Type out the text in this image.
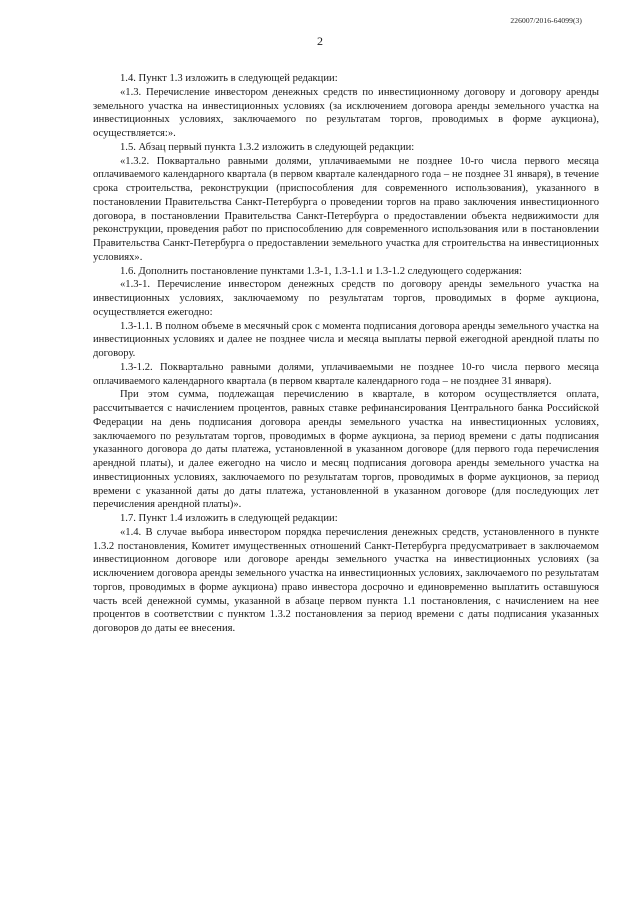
226007/2016-64099(3)
2

1.4. Пункт 1.3 изложить в следующей редакции:

«1.3. Перечисление инвестором денежных средств по инвестиционному договору и договору аренды земельного участка на инвестиционных условиях (за исключением договора аренды земельного участка на инвестиционных условиях, заключаемого по результатам торгов, проводимых в форме аукциона), осуществляется:».

1.5. Абзац первый пункта 1.3.2 изложить в следующей редакции:

«1.3.2. Поквартально равными долями, уплачиваемыми не позднее 10-го числа первого месяца оплачиваемого календарного квартала (в первом квартале календарного года – не позднее 31 января), в течение срока строительства, реконструкции (приспособления для современного использования), указанного в постановлении Правительства Санкт-Петербурга о проведении торгов на право заключения инвестиционного договора, в постановлении Правительства Санкт-Петербурга о предоставлении объекта недвижимости для реконструкции, проведения работ по приспособлению для современного использования или в постановлении Правительства Санкт-Петербурга о предоставлении земельного участка для строительства на инвестиционных условиях».

1.6. Дополнить постановление пунктами 1.3-1, 1.3-1.1 и 1.3-1.2 следующего содержания:

«1.3-1. Перечисление инвестором денежных средств по договору аренды земельного участка на инвестиционных условиях, заключаемому по результатам торгов, проводимых в форме аукциона, осуществляется ежегодно:

1.3-1.1. В полном объеме в месячный срок с момента подписания договора аренды земельного участка на инвестиционных условиях и далее не позднее числа и месяца выплаты первой ежегодной арендной платы по договору.

1.3-1.2. Поквартально равными долями, уплачиваемыми не позднее 10-го числа первого месяца оплачиваемого календарного квартала (в первом квартале календарного года – не позднее 31 января).

При этом сумма, подлежащая перечислению в квартале, в котором осуществляется оплата, рассчитывается с начислением процентов, равных ставке рефинансирования Центрального банка Российской Федерации на день подписания договора аренды земельного участка на инвестиционных условиях, заключаемого по результатам торгов, проводимых в форме аукциона, за период времени с даты подписания указанного договора до даты платежа, установленной в указанном договоре (для первого года перечисления арендной платы), и далее ежегодно на число и месяц подписания договора аренды земельного участка на инвестиционных условиях, заключаемого по результатам торгов, проводимых в форме аукционов, за период времени с указанной даты до даты платежа, установленной в указанном договоре (для последующих лет перечисления арендной платы)».

1.7. Пункт 1.4 изложить в следующей редакции:

«1.4. В случае выбора инвестором порядка перечисления денежных средств, установленного в пункте 1.3.2 постановления, Комитет имущественных отношений Санкт-Петербурга предусматривает в заключаемом инвестиционном договоре или договоре аренды земельного участка на инвестиционных условиях (за исключением договора аренды земельного участка на инвестиционных условиях, заключаемого по результатам торгов, проводимых в форме аукциона) право инвестора досрочно и единовременно выплатить оставшуюся часть всей денежной суммы, указанной в абзаце первом пункта 1.1 постановления, с начислением на нее процентов в соответствии с пунктом 1.3.2 постановления за период времени с даты подписания указанных договоров до даты ее внесения.
